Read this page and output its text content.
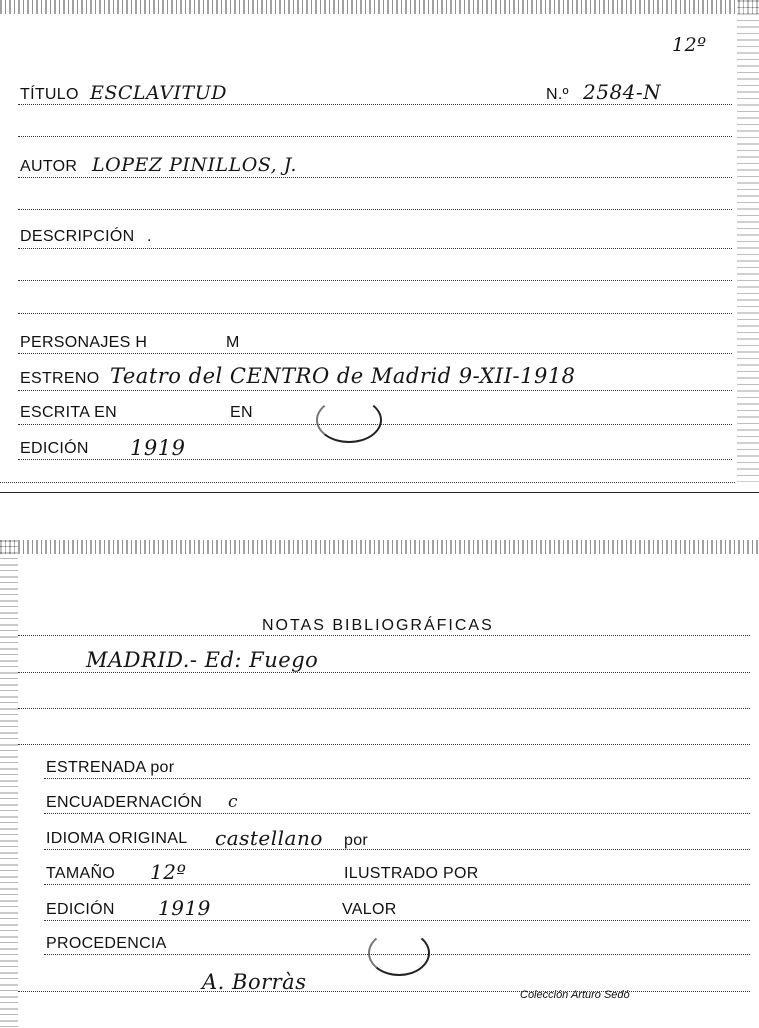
12º
TÍTULO ESCLAVITUD	N.º 2584-N
AUTOR LOPEZ PINILLOS, J.
DESCRIPCIÓN .
PERSONAJES H	M
ESTRENO Teatro del CENTRO de Madrid 9-XII-1918
ESCRITA EN	EN
EDICIÓN 1919
NOTAS BIBLIOGRÁFICAS
MADRID.- Ed: Fuego
ESTRENADA por
ENCUADERNACIÓN c
IDIOMA ORIGINAL castellano por
TAMAÑO 12º	ILUSTRADO POR
EDICIÓN 1919	VALOR
PROCEDENCIA
A. Borràs
Colección Arturo Sedó
